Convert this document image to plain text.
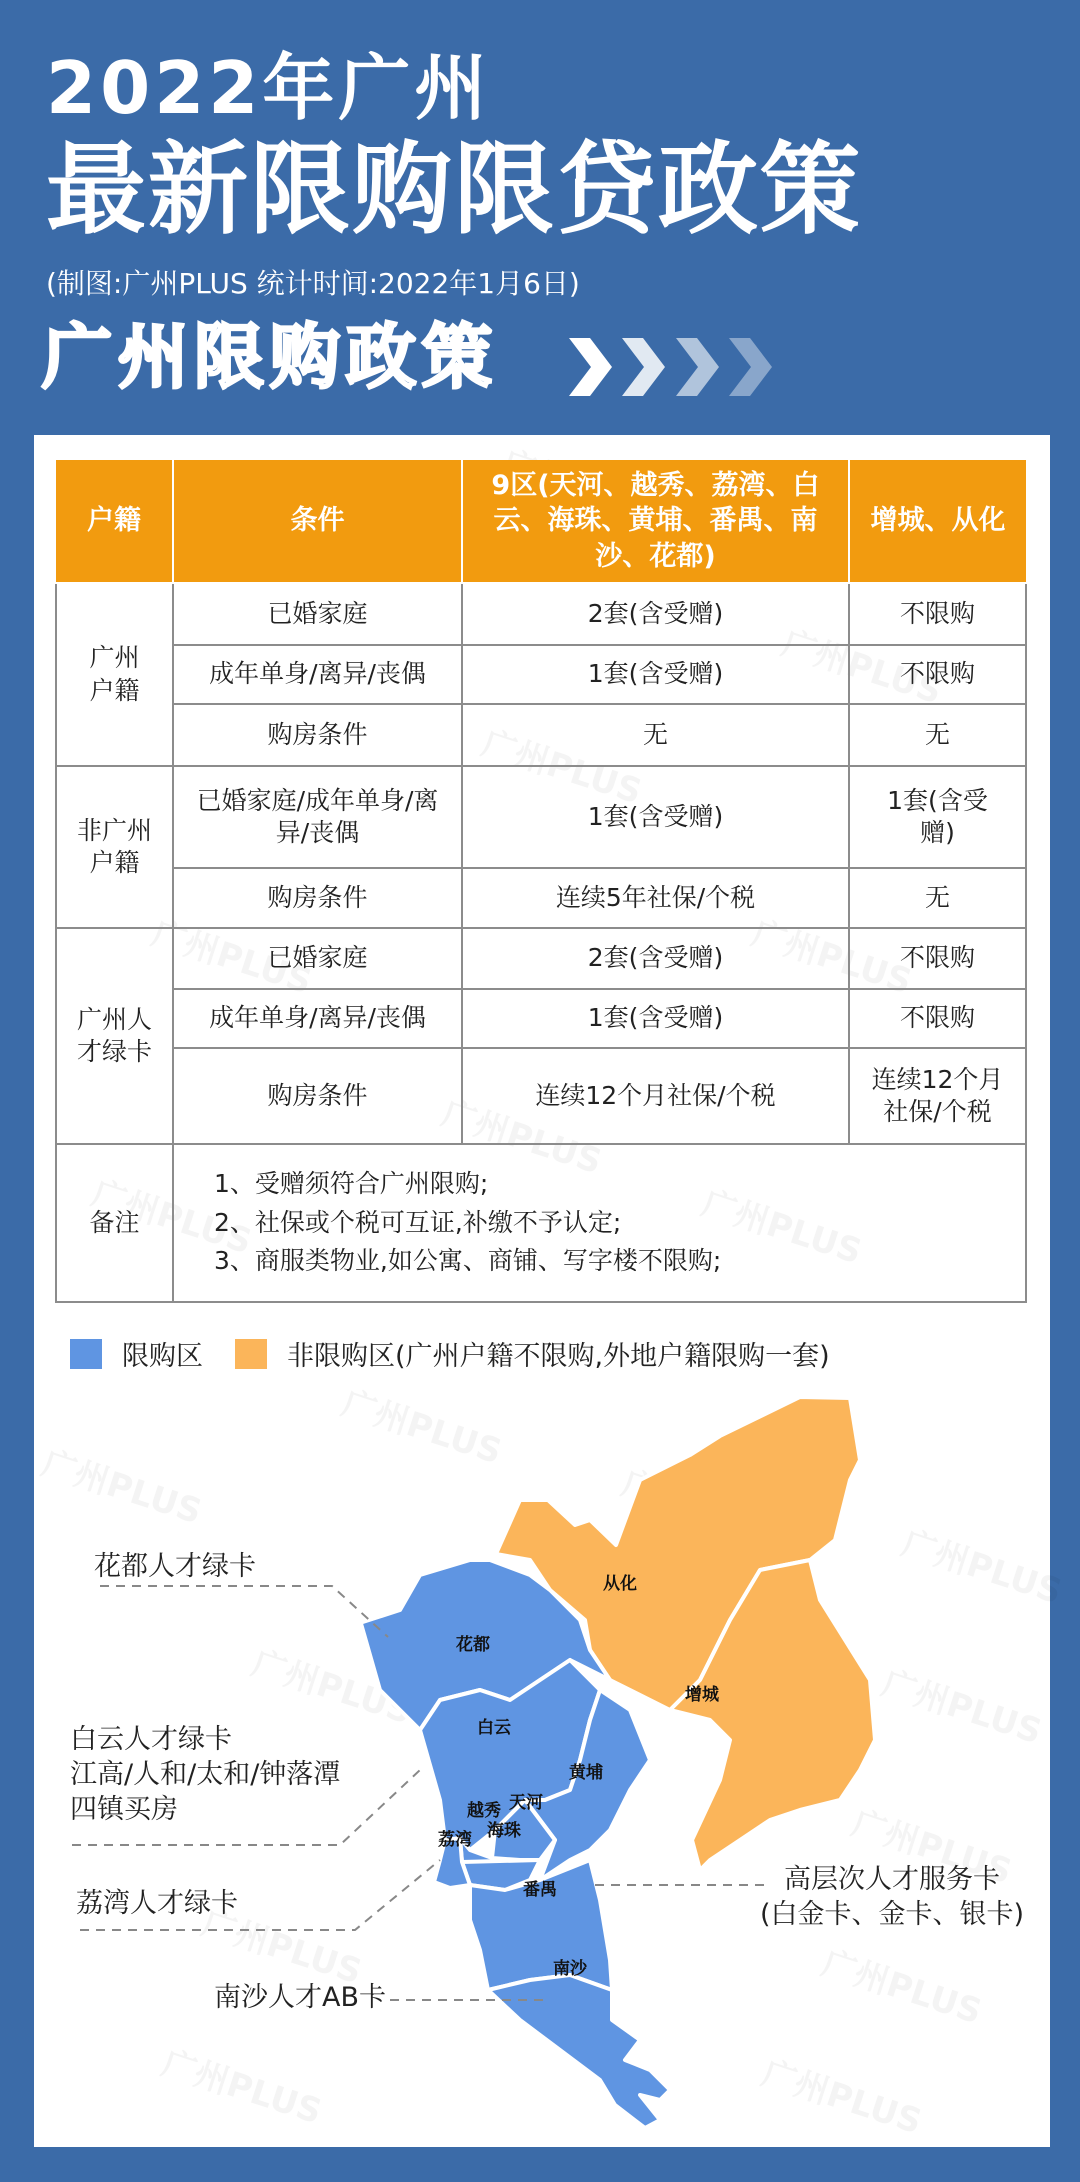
2022年广州
最新限购限贷政策
(制图:广州PLUS 统计时间:2022年1月6日)
广州限购政策
户籍	条件	9区(天河、越秀、荔湾、白云、海珠、黄埔、番禺、南沙、花都)	增城、从化
广州户籍	已婚家庭	2套(含受赠)	不限购
	成年单身/离异/丧偶	1套(含受赠)	不限购
	购房条件	无	无
非广州户籍	已婚家庭/成年单身/离异/丧偶	1套(含受赠)	1套(含受赠)
	购房条件	连续5年社保/个税	无
广州人才绿卡	已婚家庭	2套(含受赠)	不限购
	成年单身/离异/丧偶	1套(含受赠)	不限购
	购房条件	连续12个月社保/个税	连续12个月社保/个税
备注	1、受赠须符合广州限购;
2、社保或个税可互证,补缴不予认定;
3、商服类物业,如公寓、商铺、写字楼不限购;		
限购区	非限购区(广州户籍不限购,外地户籍限购一套)
从化
增城
花都
白云
黄埔
天河
越秀
海珠
荔湾
番禺
南沙
花都人才绿卡
白云人才绿卡
江高/人和/太和/钟落潭
四镇买房
荔湾人才绿卡
南沙人才AB卡
高层次人才服务卡
(白金卡、金卡、银卡)
